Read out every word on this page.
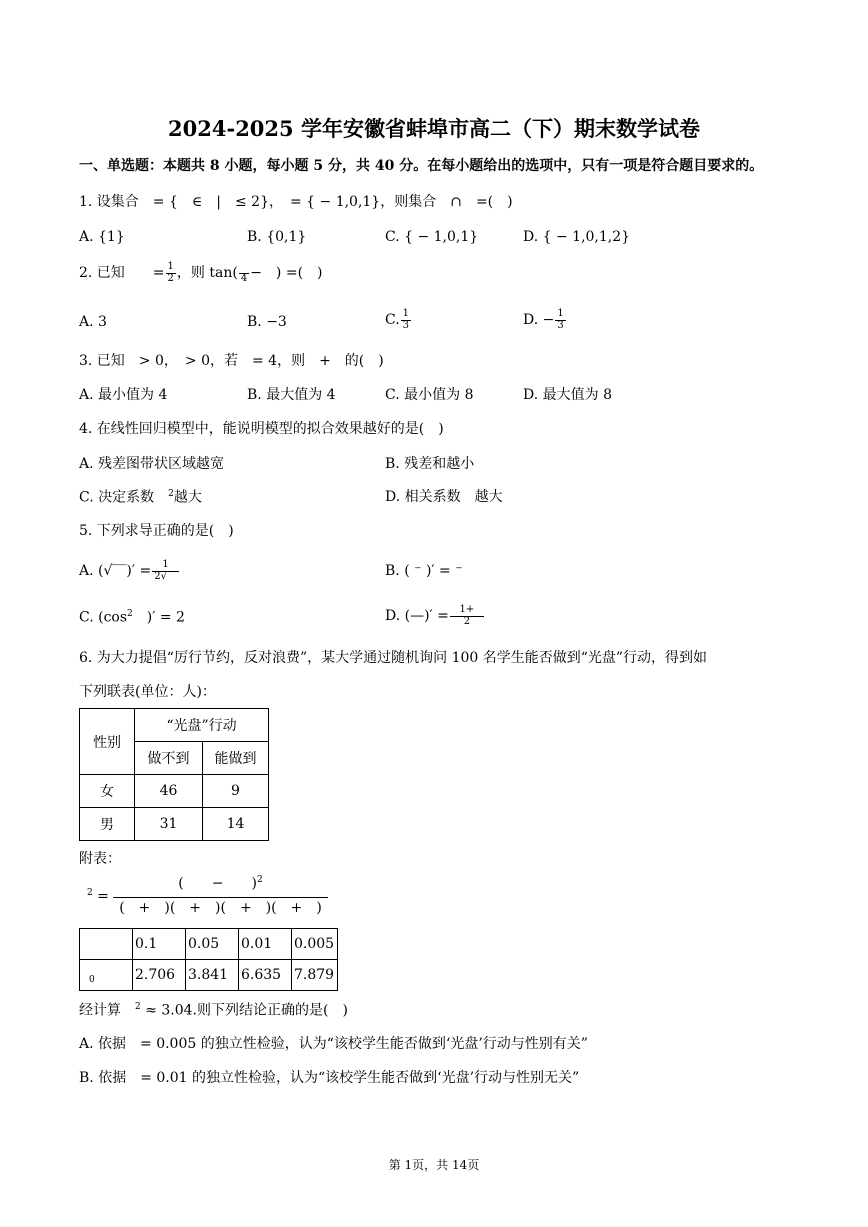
2024-2025 学年安徽省蚌埠市高二（下）期末数学试卷
一、单选题：本题共 8 小题，每小题 5 分，共 40 分。在每小题给出的选项中，只有一项是符合题目要求的。
1. 设集合　= {　∈　|　≤ 2}，　= { − 1,0,1}，则集合　∩　=(　)
A. {1}	B. {0,1}	C. { − 1,0,1}	D. { − 1,0,1,2}
2. 已知　　= $\frac{1}{2}$ ，则 tan(
4 −　) =(　)
A. 3	B. −3	C. $\frac{1}{3}$	D. − $\frac{1}{3}$
3. 已知　> 0，　> 0，若　= 4，则　+　的(　)
A. 最小值为 4	B. 最大值为 4	C. 最小值为 8	D. 最大值为 8
4. 在线性回归模型中，能说明模型的拟合效果越好的是(　)
A. 残差图带状区域越宽	B. 残差和越小
C. 决定系数　 $^2$越大	D. 相关系数　越大
5. 下列求导正确的是(　)
A. (√‾‾)′ = $\frac{1}{2√‾‾}$	B. ( ⁻ )′ = ⁻
C. ($\cos^2$　 )′ = 2	D. (—)′ = $\frac{1+}{2}$
6. 为大力提倡“厉行节约，反对浪费”，某大学通过随机询问 100 名学生能否做到“光盘”行动，得到如
下列联表(单位：人)：
性别	“光盘”行动	
	做不到	能做到
女	46	9
男	31	14
附表：
$^2$ =
(　　−　　)$^2$
(　+　)(　+　)(　+　)(　+　)
	0.1	0.05	0.01	0.005
$_0$	2.706	3.841	6.635	7.879
经计算　 $^2$ ≈ 3.04.则下列结论正确的是(　)
A. 依据　= 0.005 的独立性检验，认为“该校学生能否做到‘光盘’行动与性别有关”
B. 依据　= 0.01 的独立性检验，认为“该校学生能否做到‘光盘’行动与性别无关”
第 1页，共 14页
